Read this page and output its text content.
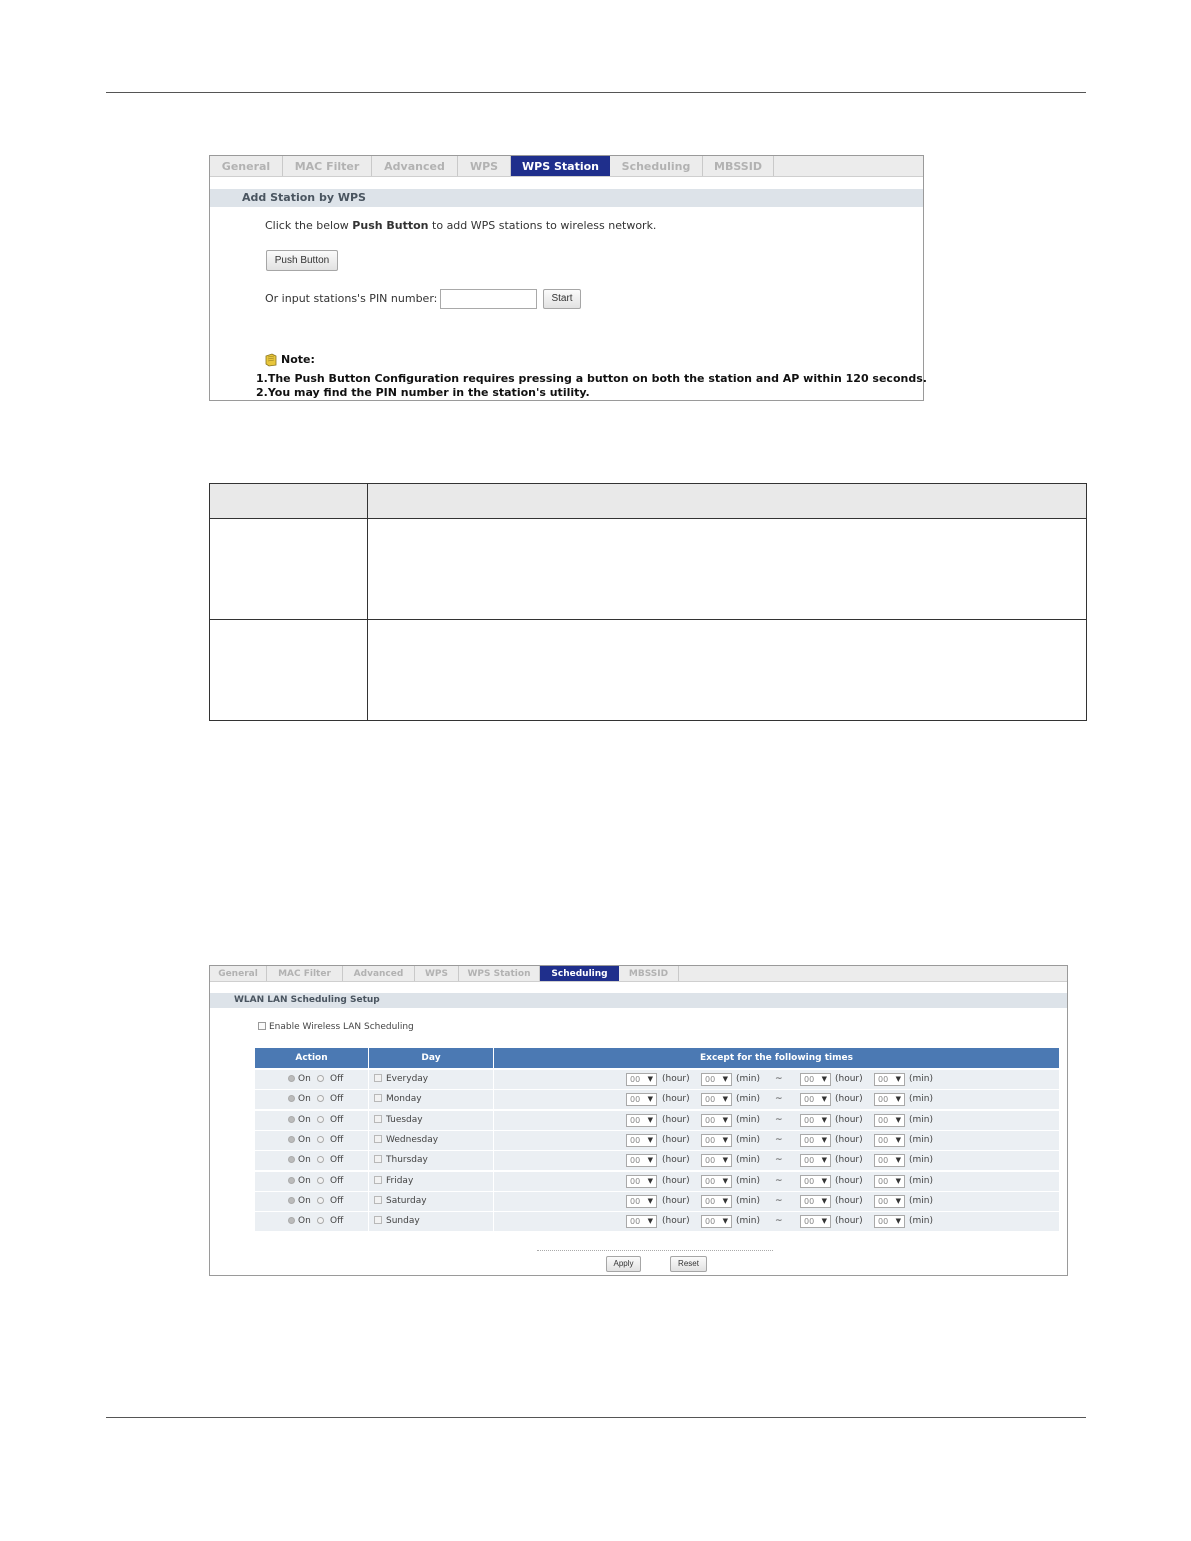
General	MAC Filter	Advanced	WPS	WPS Station	Scheduling	MBSSID
Add Station by WPS
Click the below Push Button to add WPS stations to wireless network.
Push Button
Or input stations's PIN number:	Start
Note:
1.The Push Button Configuration requires pressing a button on both the station and AP within 120 seconds.
2.You may find the PIN number in the station's utility.
General	MAC Filter	Advanced	WPS	WPS Station	Scheduling	MBSSID
WLAN LAN Scheduling Setup
Enable Wireless LAN Scheduling
Action	Day	Except for the following times
On Off	Everyday	00 ▼ (hour)	00 ▼ (min) ~	00 ▼ (hour)	00 ▼ (min)
On Off	Monday	00 ▼ (hour)	00 ▼ (min) ~	00 ▼ (hour)	00 ▼ (min)
On Off	Tuesday	00 ▼ (hour)	00 ▼ (min) ~	00 ▼ (hour)	00 ▼ (min)
On Off	Wednesday	00 ▼ (hour)	00 ▼ (min) ~	00 ▼ (hour)	00 ▼ (min)
On Off	Thursday	00 ▼ (hour)	00 ▼ (min) ~	00 ▼ (hour)	00 ▼ (min)
On Off	Friday	00 ▼ (hour)	00 ▼ (min) ~	00 ▼ (hour)	00 ▼ (min)
On Off	Saturday	00 ▼ (hour)	00 ▼ (min) ~	00 ▼ (hour)	00 ▼ (min)
On Off	Sunday	00 ▼ (hour)	00 ▼ (min) ~	00 ▼ (hour)	00 ▼ (min)
Apply	Reset
